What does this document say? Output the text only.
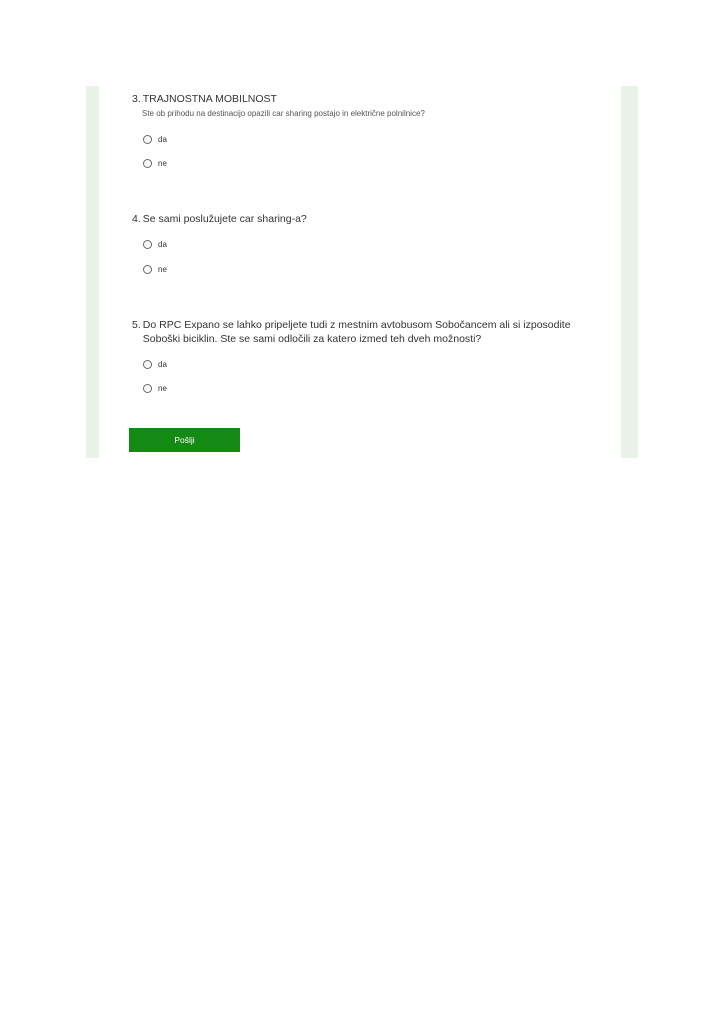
3. TRAJNOSTNA MOBILNOST
Ste ob prihodu na destinacijo opazili car sharing postajo in električne polnilnice?
da
ne
4. Se sami poslužujete car sharing-a?
da
ne
5. Do RPC Expano se lahko pripeljete tudi z mestnim avtobusom Sobočancem ali si izposodite Soboški biciklin. Ste se sami odločili za katero izmed teh dveh možnosti?
da
ne
Pošlji
